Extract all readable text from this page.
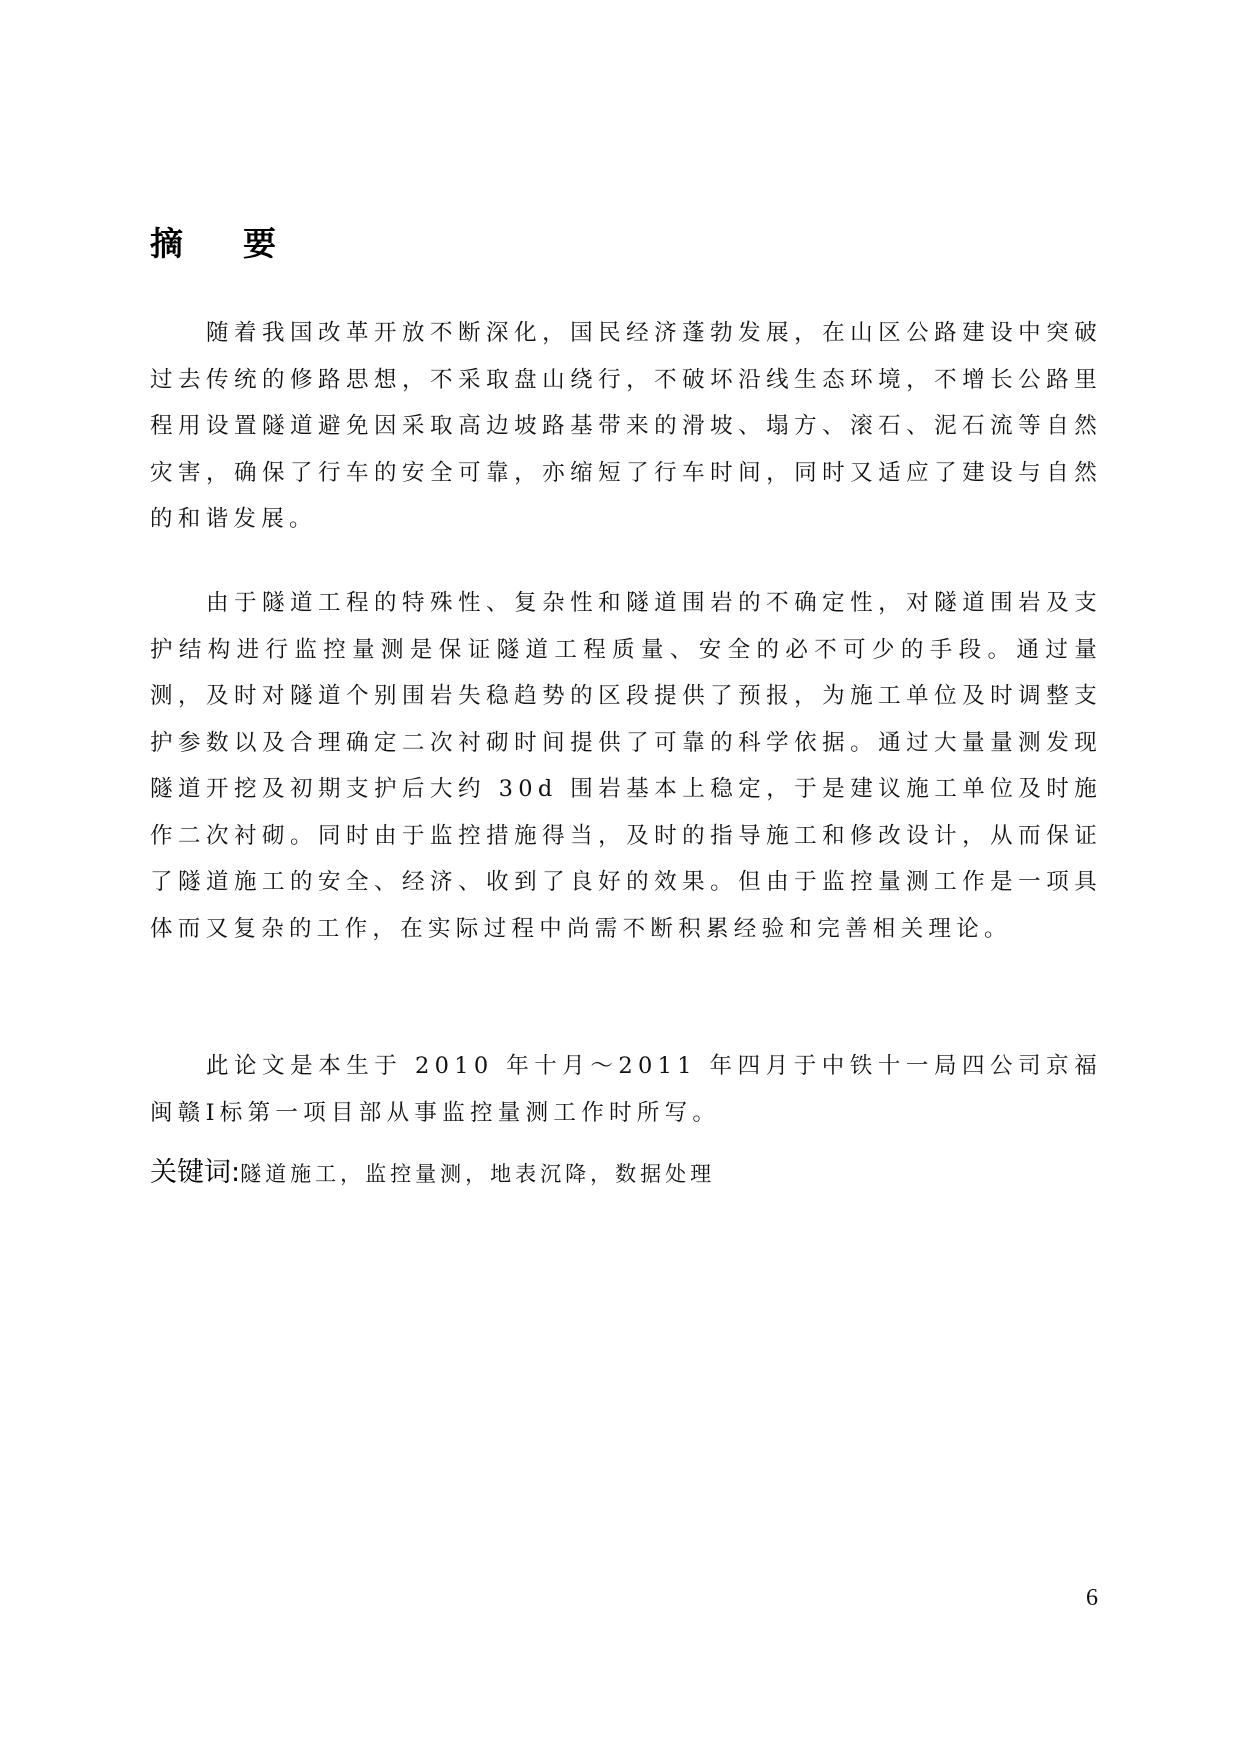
摘要

随着我国改革开放不断深化，国民经济蓬勃发展，在山区公路建设中突破过去传统的修路思想，不采取盘山绕行，不破坏沿线生态环境，不增长公路里程用设置隧道避免因采取高边坡路基带来的滑坡、塌方、滚石、泥石流等自然灾害，确保了行车的安全可靠，亦缩短了行车时间，同时又适应了建设与自然的和谐发展。

由于隧道工程的特殊性、复杂性和隧道围岩的不确定性，对隧道围岩及支护结构进行监控量测是保证隧道工程质量、安全的必不可少的手段。通过量测，及时对隧道个别围岩失稳趋势的区段提供了预报，为施工单位及时调整支护参数以及合理确定二次衬砌时间提供了可靠的科学依据。通过大量量测发现隧道开挖及初期支护后大约 30d 围岩基本上稳定，于是建议施工单位及时施作二次衬砌。同时由于监控措施得当，及时的指导施工和修改设计，从而保证了隧道施工的安全、经济、收到了良好的效果。但由于监控量测工作是一项具体而又复杂的工作，在实际过程中尚需不断积累经验和完善相关理论。

此论文是本生于 2010 年十月～2011 年四月于中铁十一局四公司京福闽赣Ⅰ标第一项目部从事监控量测工作时所写。

关键词:隧道施工，监控量测，地表沉降，数据处理
6
